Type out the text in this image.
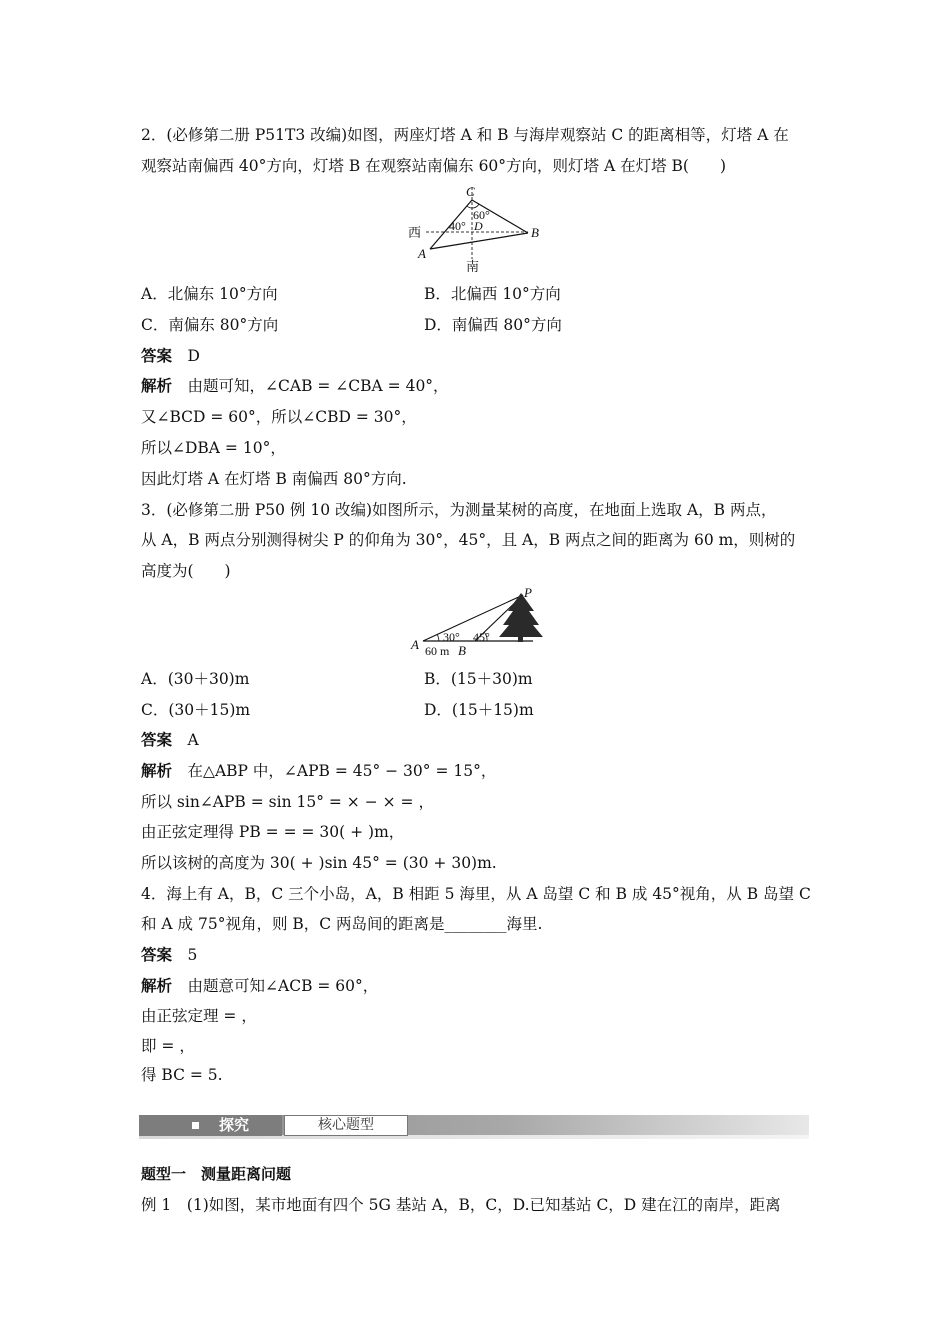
2．(必修第二册 P51T3 改编)如图，两座灯塔 A 和 B 与海岸观察站 C 的距离相等，灯塔 A 在
观察站南偏西 40°方向，灯塔 B 在观察站南偏东 60°方向，则灯塔 A 在灯塔 B(　　)
C
西
A
B
D
40°
60°
南
A．北偏东 10°方向	B．北偏西 10°方向
C．南偏东 80°方向	D．南偏西 80°方向
答案　 D
解析　 由题可知，∠CAB = ∠CBA = 40°，
又∠BCD = 60°，所以∠CBD = 30°，
所以∠DBA = 10°，
因此灯塔 A 在灯塔 B 南偏西 80°方向.
3．(必修第二册 P50 例 10 改编)如图所示，为测量某树的高度，在地面上选取 A，B 两点，
从 A，B 两点分别测得树尖 P 的仰角为 30°，45°，且 A，B 两点之间的距离为 60 m，则树的
高度为(　　)
P
A 30° 45°
60 m B
A．(30＋30)m	B．(15＋30)m
C．(30＋15)m	D．(15＋15)m
答案　 A
解析　 在△ABP 中，∠APB = 45° − 30° = 15°，
所以 sin∠APB = sin 15° = × − × = ，
由正弦定理得 PB = = = 30( + )m，
所以该树的高度为 30( + )sin 45° = (30 + 30)m.
4．海上有 A，B，C 三个小岛，A，B 相距 5 海里，从 A 岛望 C 和 B 成 45°视角，从 B 岛望 C
和 A 成 75°视角，则 B，C 两岛间的距离是________海里.
答案　 5
解析　 由题意可知∠ACB = 60°，
由正弦定理 = ，
即 = ，
得 BC = 5.
探究	核心题型
题型一　测量距离问题
例 1　(1)如图，某市地面有四个 5G 基站 A，B，C，D.已知基站 C，D 建在江的南岸，距离
